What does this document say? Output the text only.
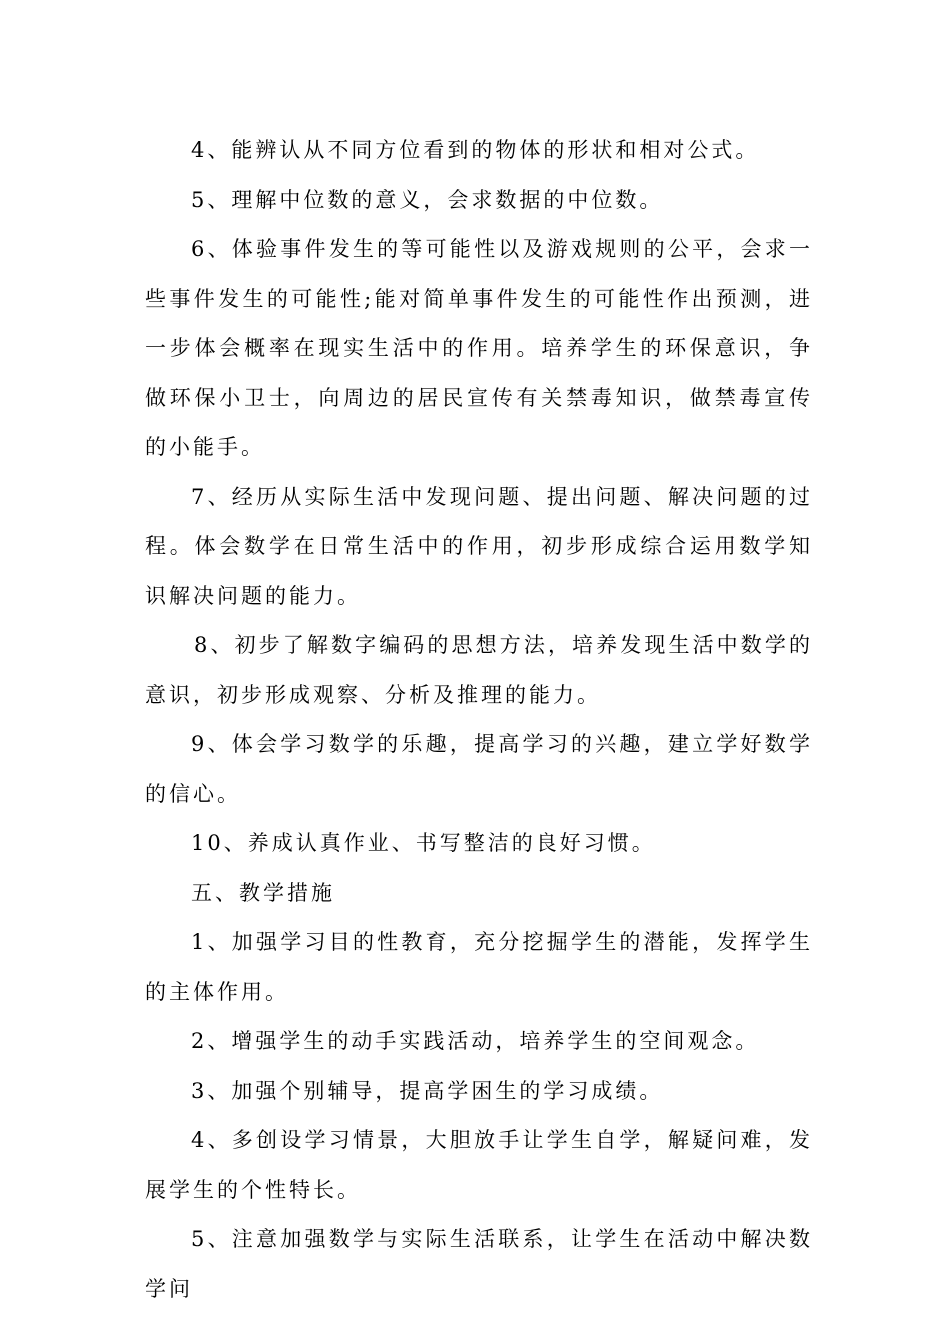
4、能辨认从不同方位看到的物体的形状和相对公式。

5、理解中位数的意义，会求数据的中位数。

6、体验事件发生的等可能性以及游戏规则的公平，会求一些事件发生的可能性;能对简单事件发生的可能性作出预测，进一步体会概率在现实生活中的作用。培养学生的环保意识，争做环保小卫士，向周边的居民宣传有关禁毒知识，做禁毒宣传的小能手。

7、经历从实际生活中发现问题、提出问题、解决问题的过程。体会数学在日常生活中的作用，初步形成综合运用数学知识解决问题的能力。

8、初步了解数字编码的思想方法，培养发现生活中数学的意识，初步形成观察、分析及推理的能力。

9、体会学习数学的乐趣，提高学习的兴趣，建立学好数学的信心。

10、养成认真作业、书写整洁的良好习惯。

五、教学措施

1、加强学习目的性教育，充分挖掘学生的潜能，发挥学生的主体作用。

2、增强学生的动手实践活动，培养学生的空间观念。

3、加强个别辅导，提高学困生的学习成绩。

4、多创设学习情景，大胆放手让学生自学，解疑问难，发展学生的个性特长。

5、注意加强数学与实际生活联系，让学生在活动中解决数学问
